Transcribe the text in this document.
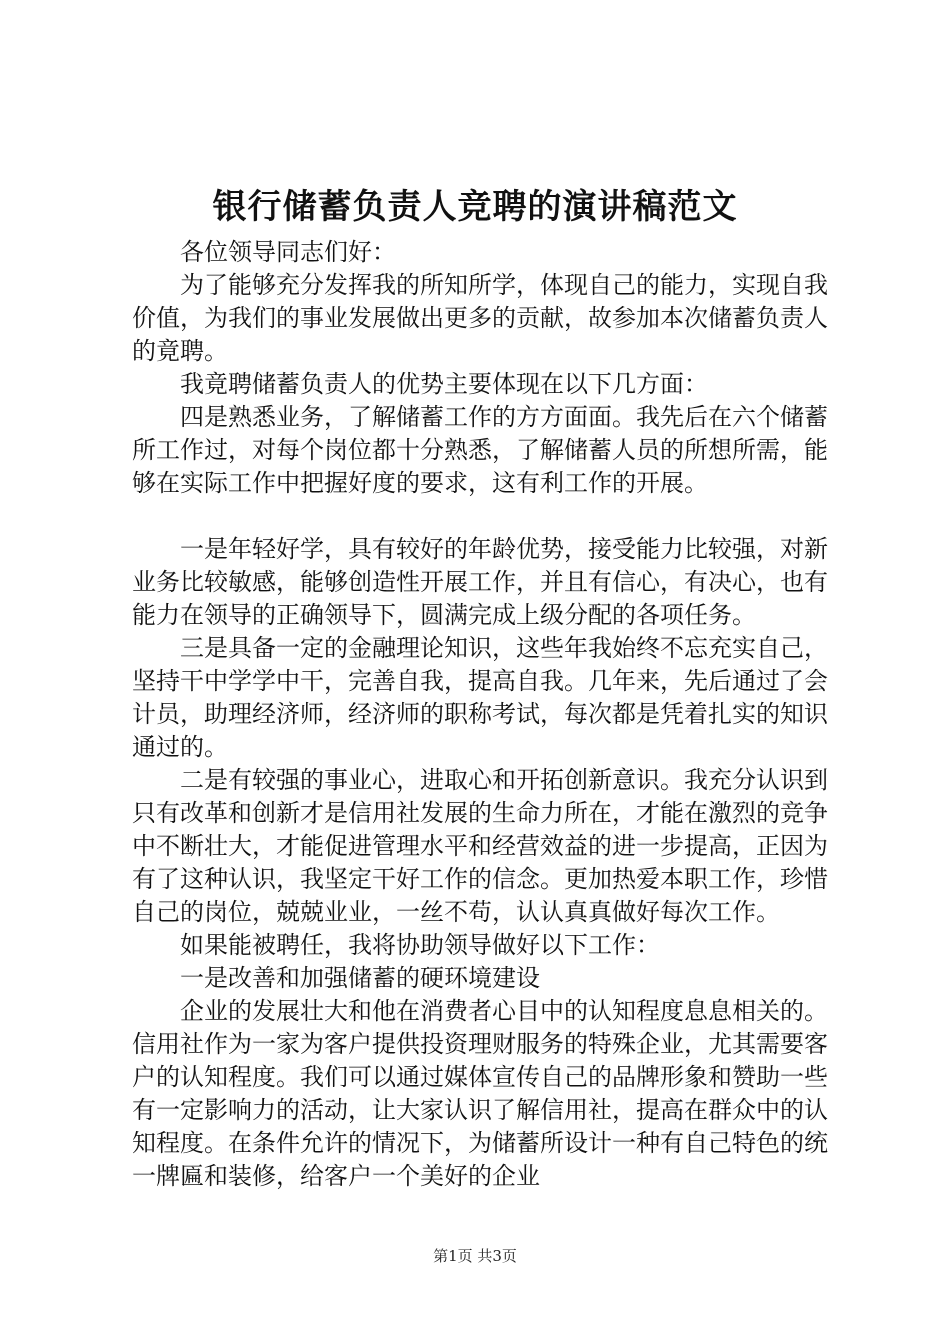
银行储蓄负责人竞聘的演讲稿范文

各位领导同志们好：

为了能够充分发挥我的所知所学，体现自己的能力，实现自我价值，为我们的事业发展做出更多的贡献，故参加本次储蓄负责人的竟聘。

我竟聘储蓄负责人的优势主要体现在以下几方面：

四是熟悉业务，了解储蓄工作的方方面面。我先后在六个储蓄所工作过，对每个岗位都十分熟悉，了解储蓄人员的所想所需，能够在实际工作中把握好度的要求，这有利工作的开展。

一是年轻好学，具有较好的年龄优势，接受能力比较强，对新业务比较敏感，能够创造性开展工作，并且有信心，有决心，也有能力在领导的正确领导下，圆满完成上级分配的各项任务。

三是具备一定的金融理论知识，这些年我始终不忘充实自己，坚持干中学学中干，完善自我，提高自我。几年来，先后通过了会计员，助理经济师，经济师的职称考试，每次都是凭着扎实的知识通过的。

二是有较强的事业心，进取心和开拓创新意识。我充分认识到只有改革和创新才是信用社发展的生命力所在，才能在激烈的竞争中不断壮大，才能促进管理水平和经营效益的进一步提高，正因为有了这种认识，我坚定干好工作的信念。更加热爱本职工作，珍惜自己的岗位，兢兢业业，一丝不苟，认认真真做好每次工作。

如果能被聘任，我将协助领导做好以下工作：

一是改善和加强储蓄的硬环境建设

企业的发展壮大和他在消费者心目中的认知程度息息相关的。信用社作为一家为客户提供投资理财服务的特殊企业，尤其需要客户的认知程度。我们可以通过媒体宣传自己的品牌形象和赞助一些有一定影响力的活动，让大家认识了解信用社，提高在群众中的认知程度。在条件允许的情况下，为储蓄所设计一种有自己特色的统一牌匾和装修，给客户一个美好的企业

第1页 共3页
